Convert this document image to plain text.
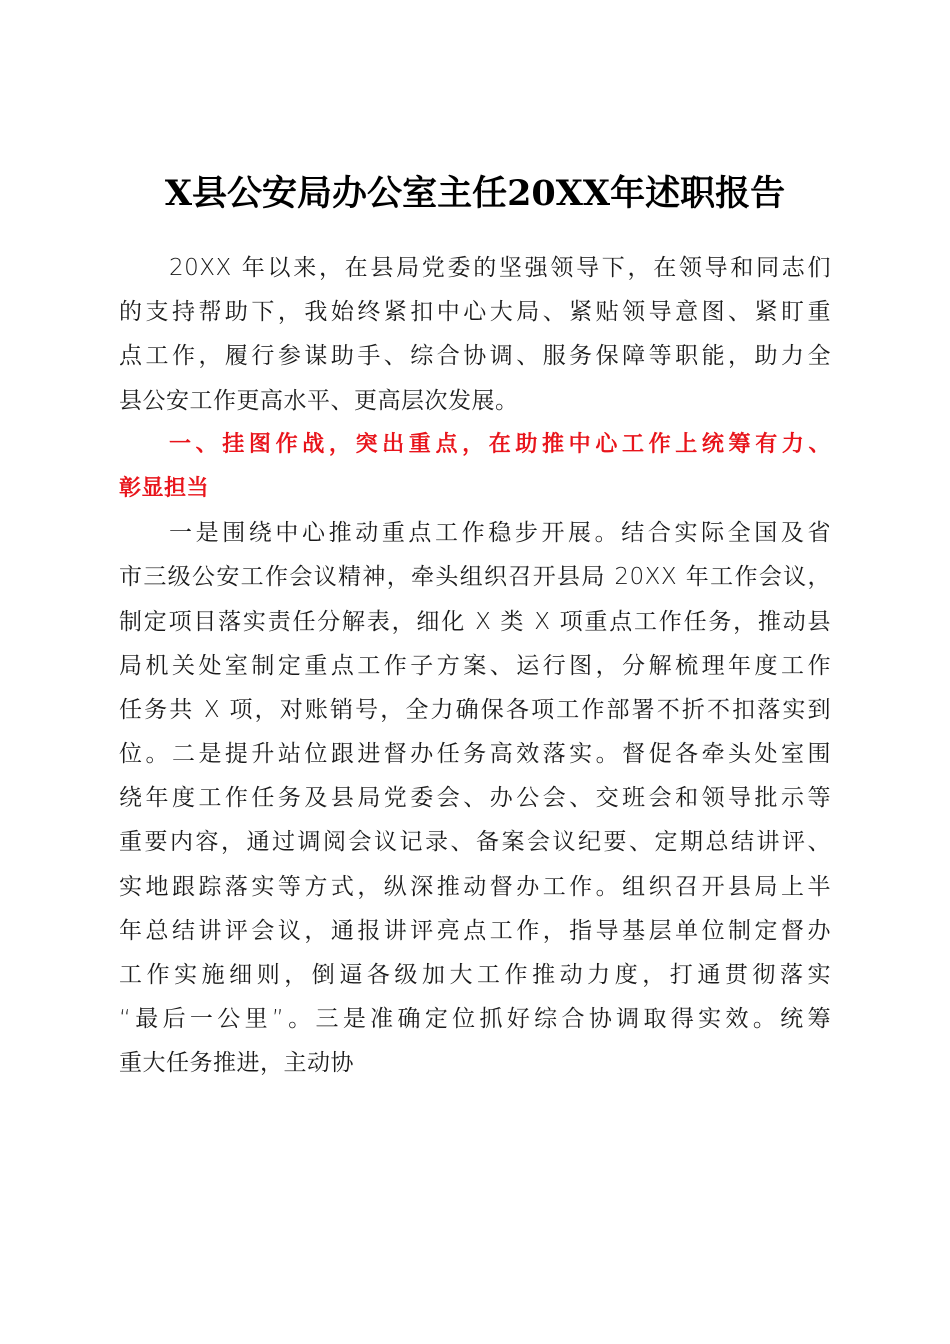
X县公安局办公室主任20XX年述职报告
20XX 年以来，在县局党委的坚强领导下，在领导和同志们
的支持帮助下，我始终紧扣中心大局、紧贴领导意图、紧盯重
点工作，履行参谋助手、综合协调、服务保障等职能，助力全
县公安工作更高水平、更高层次发展。
一、挂图作战，突出重点，在助推中心工作上统筹有力、
彰显担当
一是围绕中心推动重点工作稳步开展。结合实际全国及省
市三级公安工作会议精神，牵头组织召开县局 20XX 年工作会议，
制定项目落实责任分解表，细化 X 类 X 项重点工作任务，推动县
局机关处室制定重点工作子方案、运行图，分解梳理年度工作
任务共 X 项，对账销号，全力确保各项工作部署不折不扣落实到
位。二是提升站位跟进督办任务高效落实。督促各牵头处室围
绕年度工作任务及县局党委会、办公会、交班会和领导批示等
重要内容，通过调阅会议记录、备案会议纪要、定期总结讲评、
实地跟踪落实等方式，纵深推动督办工作。组织召开县局上半
年总结讲评会议，通报讲评亮点工作，指导基层单位制定督办
工作实施细则，倒逼各级加大工作推动力度，打通贯彻落实
“最后一公里”。三是准确定位抓好综合协调取得实效。统筹
重大任务推进，主动协
